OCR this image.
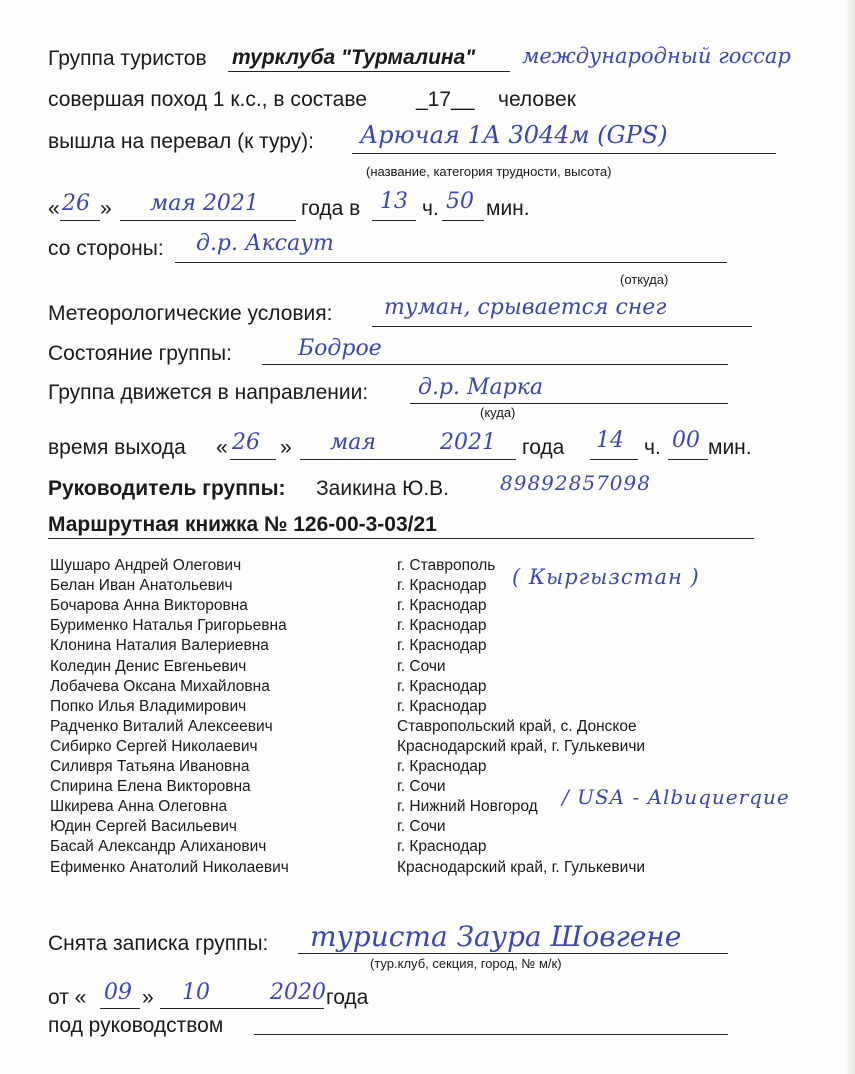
Группа туристов турклуба "Турмалина" международный госсар
совершая поход 1 к.с., в составе _17__ человек
вышла на перевал (к туру): Арючая 1А 3044м (GPS)
(название, категория трудности, высота)
« 26 » мая 2021 года в 13 ч. 50 мин.
со стороны: д.р. Аксаут
(откуда)
Метеорологические условия: туман, срывается снег
Состояние группы:	Бодрое
Группа движется в направлении: д.р. Марка
(куда)
время выхода « 26 » мая	2021 года 14 ч. 00 мин.
Руководитель группы: Заикина Ю.В.	89892857098
Маршрутная книжка № 126-00-3-03/21
Шушаро Андрей Олегович	г. Ставрополь
Белан Иван Анатольевич	г. Краснодар
Бочарова Анна Викторовна	г. Краснодар
Бурименко Наталья Григорьевна	г. Краснодар
Клонина Наталия Валериевна	г. Краснодар
Коледин Денис Евгеньевич	г. Сочи
Лобачева Оксана Михайловна	г. Краснодар
Попко Илья Владимирович	г. Краснодар
Радченко Виталий Алексеевич	Ставропольский край, с. Донское
Сибирко Сергей Николаевич	Краснодарский край, г. Гулькевичи
Силивря Татьяна Ивановна	г. Краснодар
Спирина Елена Викторовна	г. Сочи
Шкирева Анна Олеговна	г. Нижний Новгород
Юдин Сергей Васильевич	г. Сочи
Басай Александр Алиханович	г. Краснодар
Ефименко Анатолий Николаевич	Краснодарский край, г. Гулькевичи
( Кыргызстан )
/ USA - Albuquerque
Снята записка группы: туриста Заура Шовгене
(тур.клуб, секция, город, № м/к)
от « 09 » 10	2020 года
под руководством
